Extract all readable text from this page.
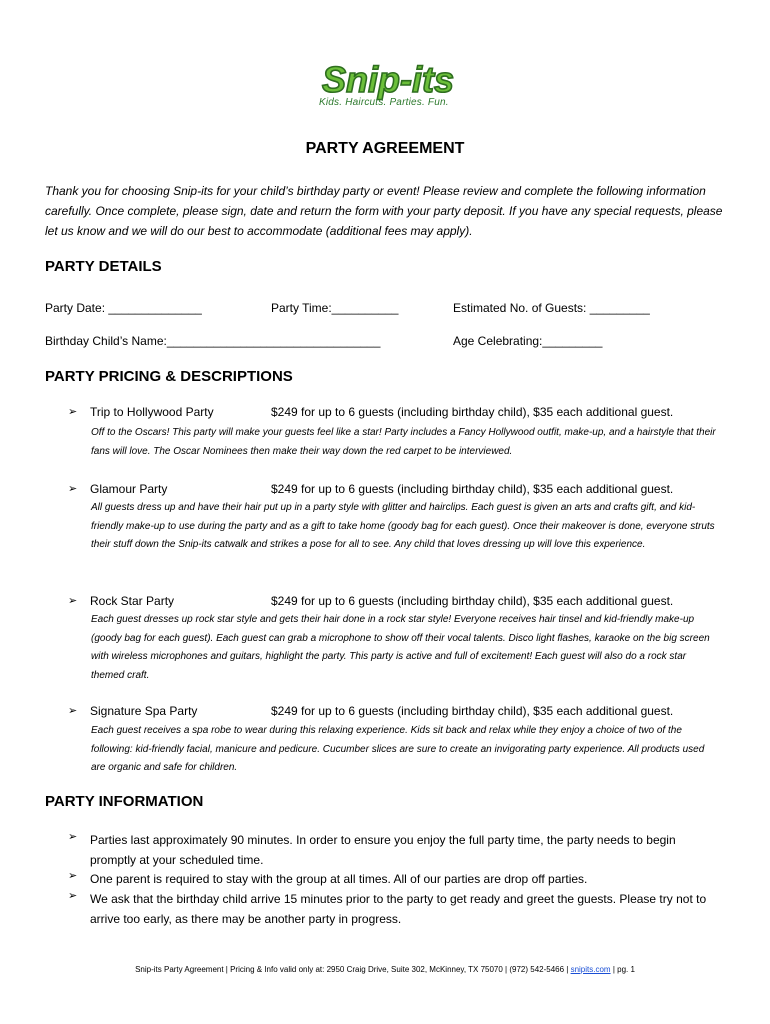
Snip-its
Kids. Haircuts. Parties. Fun.
PARTY AGREEMENT
Thank you for choosing Snip-its for your child’s birthday party or event! Please review and complete the following information carefully. Once complete, please sign, date and return the form with your party deposit. If you have any special requests, please let us know and we will do our best to accommodate (additional fees may apply).
PARTY DETAILS
Party Date: ______________	Party Time:__________	Estimated No. of Guests: _________
Birthday Child’s Name:________________________________	Age Celebrating:_________
PARTY PRICING & DESCRIPTIONS
➢ Trip to Hollywood Party	$249 for up to 6 guests (including birthday child), $35 each additional guest.
Off to the Oscars! This party will make your guests feel like a star! Party includes a Fancy Hollywood outfit, make-up, and a hairstyle that their fans will love. The Oscar Nominees then make their way down the red carpet to be interviewed.
➢ Glamour Party	$249 for up to 6 guests (including birthday child), $35 each additional guest.
All guests dress up and have their hair put up in a party style with glitter and hairclips. Each guest is given an arts and crafts gift, and kid-friendly make-up to use during the party and as a gift to take home (goody bag for each guest). Once their makeover is done, everyone struts their stuff down the Snip-its catwalk and strikes a pose for all to see. Any child that loves dressing up will love this experience.
➢ Rock Star Party	$249 for up to 6 guests (including birthday child), $35 each additional guest.
Each guest dresses up rock star style and gets their hair done in a rock star style! Everyone receives hair tinsel and kid-friendly make-up (goody bag for each guest). Each guest can grab a microphone to show off their vocal talents. Disco light flashes, karaoke on the big screen with wireless microphones and guitars, highlight the party. This party is active and full of excitement! Each guest will also do a rock star themed craft.
➢ Signature Spa Party	$249 for up to 6 guests (including birthday child), $35 each additional guest.
Each guest receives a spa robe to wear during this relaxing experience. Kids sit back and relax while they enjoy a choice of two of the following: kid-friendly facial, manicure and pedicure. Cucumber slices are sure to create an invigorating party experience. All products used are organic and safe for children.
PARTY INFORMATION
➢ Parties last approximately 90 minutes. In order to ensure you enjoy the full party time, the party needs to begin promptly at your scheduled time.
➢ One parent is required to stay with the group at all times. All of our parties are drop off parties.
➢ We ask that the birthday child arrive 15 minutes prior to the party to get ready and greet the guests. Please try not to arrive too early, as there may be another party in progress.
Snip-its Party Agreement | Pricing & Info valid only at: 2950 Craig Drive, Suite 302, McKinney, TX 75070 | (972) 542-5466 | snipits.com | pg. 1
